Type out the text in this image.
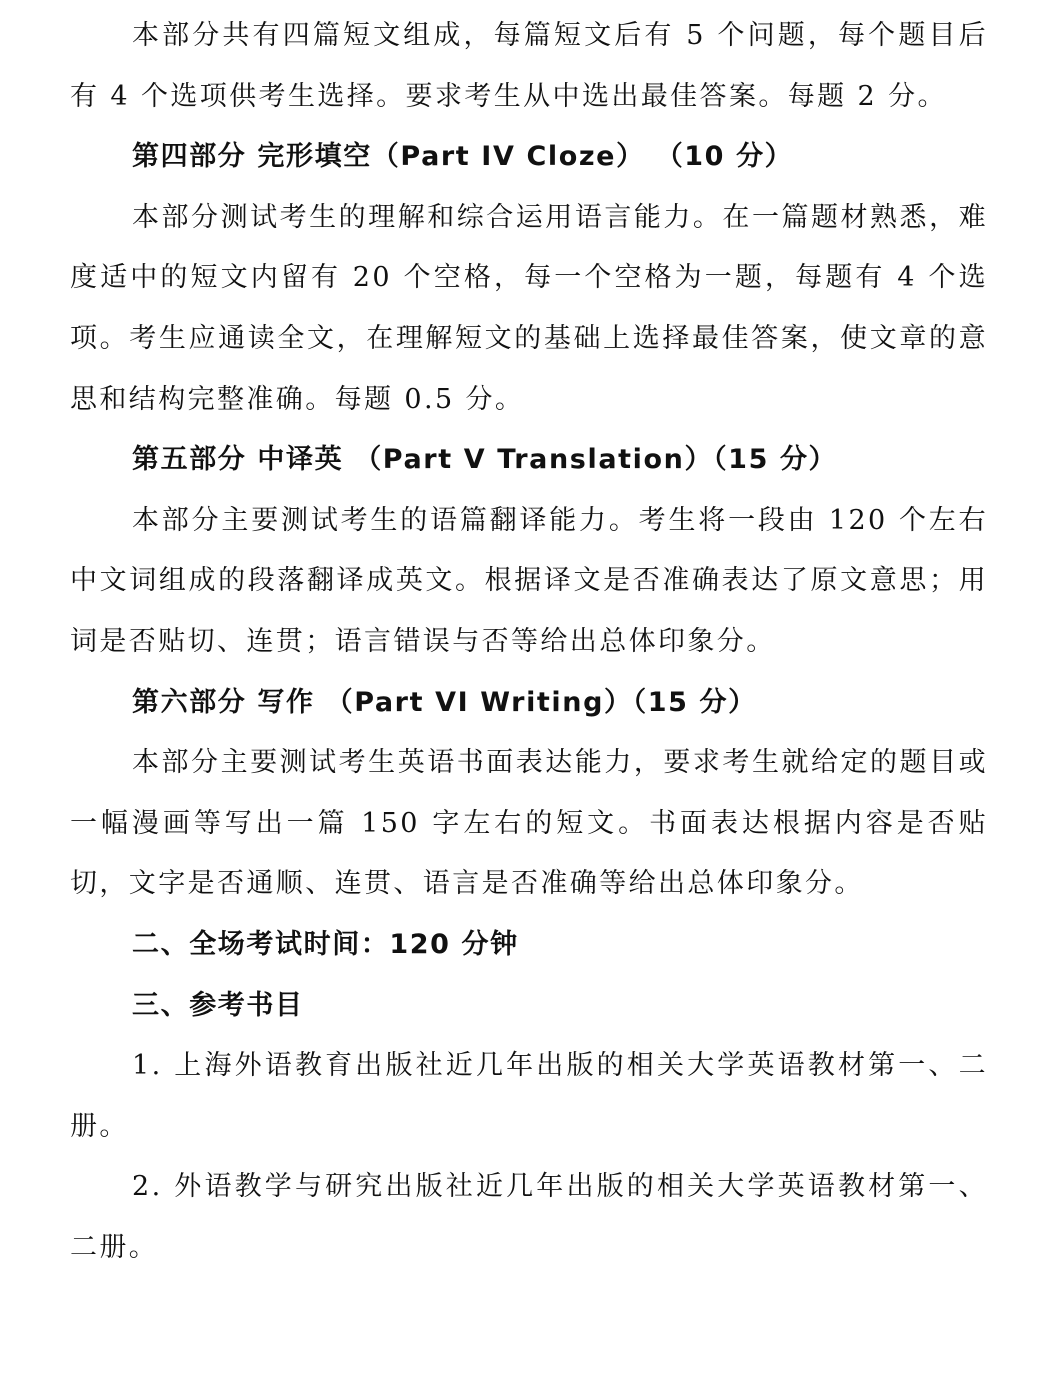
本部分共有四篇短文组成，每篇短文后有 5 个问题，每个题目后有 4 个选项供考生选择。要求考生从中选出最佳答案。每题 2 分。

第四部分 完形填空（Part IV Cloze） （10 分）

本部分测试考生的理解和综合运用语言能力。在一篇题材熟悉，难度适中的短文内留有 20 个空格，每一个空格为一题，每题有 4 个选项。考生应通读全文，在理解短文的基础上选择最佳答案，使文章的意思和结构完整准确。每题 0.5 分。

第五部分 中译英 （Part V Translation）（15 分）

本部分主要测试考生的语篇翻译能力。考生将一段由 120 个左右中文词组成的段落翻译成英文。根据译文是否准确表达了原文意思；用词是否贴切、连贯；语言错误与否等给出总体印象分。

第六部分 写作 （Part VI Writing）（15 分）

本部分主要测试考生英语书面表达能力，要求考生就给定的题目或一幅漫画等写出一篇 150 字左右的短文。书面表达根据内容是否贴切，文字是否通顺、连贯、语言是否准确等给出总体印象分。

二、全场考试时间：120 分钟

三、参考书目

1. 上海外语教育出版社近几年出版的相关大学英语教材第一、二册。

2. 外语教学与研究出版社近几年出版的相关大学英语教材第一、二册。
